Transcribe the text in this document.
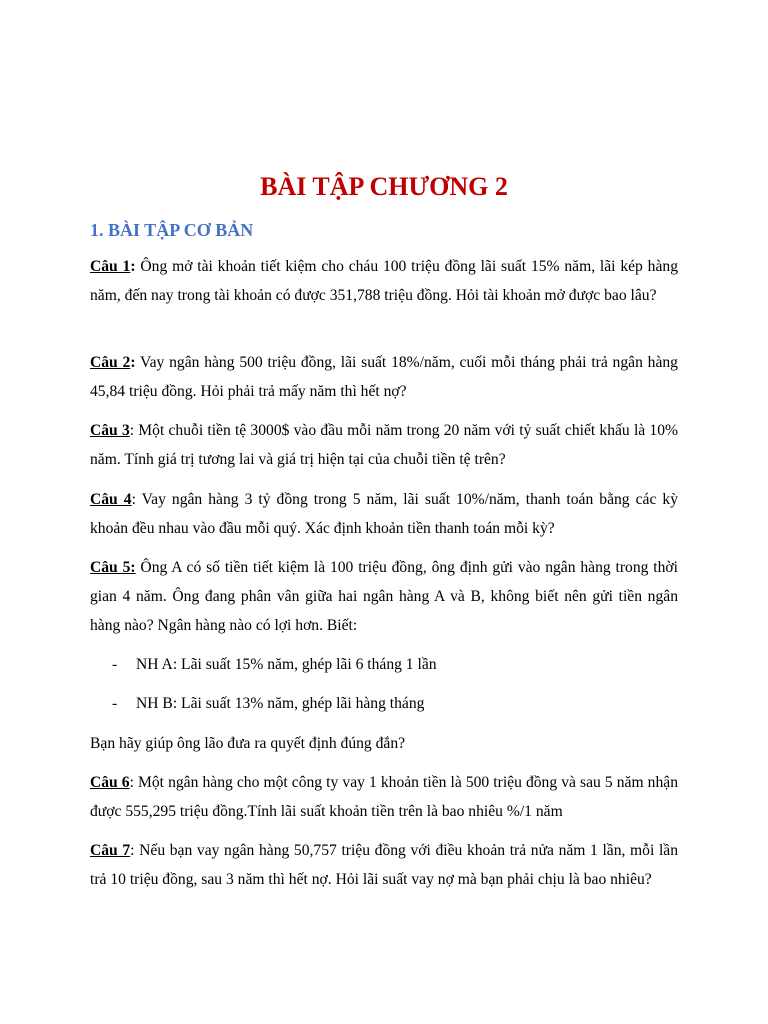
BÀI TẬP CHƯƠNG 2
1. BÀI TẬP CƠ BẢN

Câu 1: Ông mở tài khoản tiết kiệm cho cháu 100 triệu đồng lãi suất 15% năm, lãi kép hàng năm, đến nay trong tài khoản có được 351,788 triệu đồng. Hỏi tài khoản mở được bao lâu?

Câu 2: Vay ngân hàng 500 triệu đồng, lãi suất 18%/năm, cuối mỗi tháng phải trả ngân hàng 45,84 triệu đồng. Hỏi phải trả mấy năm thì hết nợ?

Câu 3: Một chuỗi tiền tệ 3000$ vào đầu mỗi năm trong 20 năm với tỷ suất chiết khấu là 10% năm. Tính giá trị tương lai và giá trị hiện tại của chuỗi tiền tệ trên?

Câu 4: Vay ngân hàng 3 tỷ đồng trong 5 năm, lãi suất 10%/năm, thanh toán bằng các kỳ khoản đều nhau vào đầu mỗi quý. Xác định khoản tiền thanh toán mỗi kỳ?

Câu 5: Ông A có số tiền tiết kiệm là 100 triệu đồng, ông định gửi vào ngân hàng trong thời gian 4 năm. Ông đang phân vân giữa hai ngân hàng A và B, không biết nên gửi tiền ngân hàng nào? Ngân hàng nào có lợi hơn. Biết:

- NH A: Lãi suất 15% năm, ghép lãi 6 tháng 1 lần

- NH B: Lãi suất 13% năm, ghép lãi hàng tháng

Bạn hãy giúp ông lão đưa ra quyết định đúng đắn?

Câu 6: Một ngân hàng cho một công ty vay 1 khoản tiền là 500 triệu đồng và sau 5 năm nhận được 555,295 triệu đồng.Tính lãi suất khoản tiền trên là bao nhiêu %/1 năm

Câu 7: Nếu bạn vay ngân hàng 50,757 triệu đồng với điều khoản trả nửa năm 1 lần, mỗi lần trả 10 triệu đồng, sau 3 năm thì hết nợ. Hỏi lãi suất vay nợ mà bạn phải chịu là bao nhiêu?
